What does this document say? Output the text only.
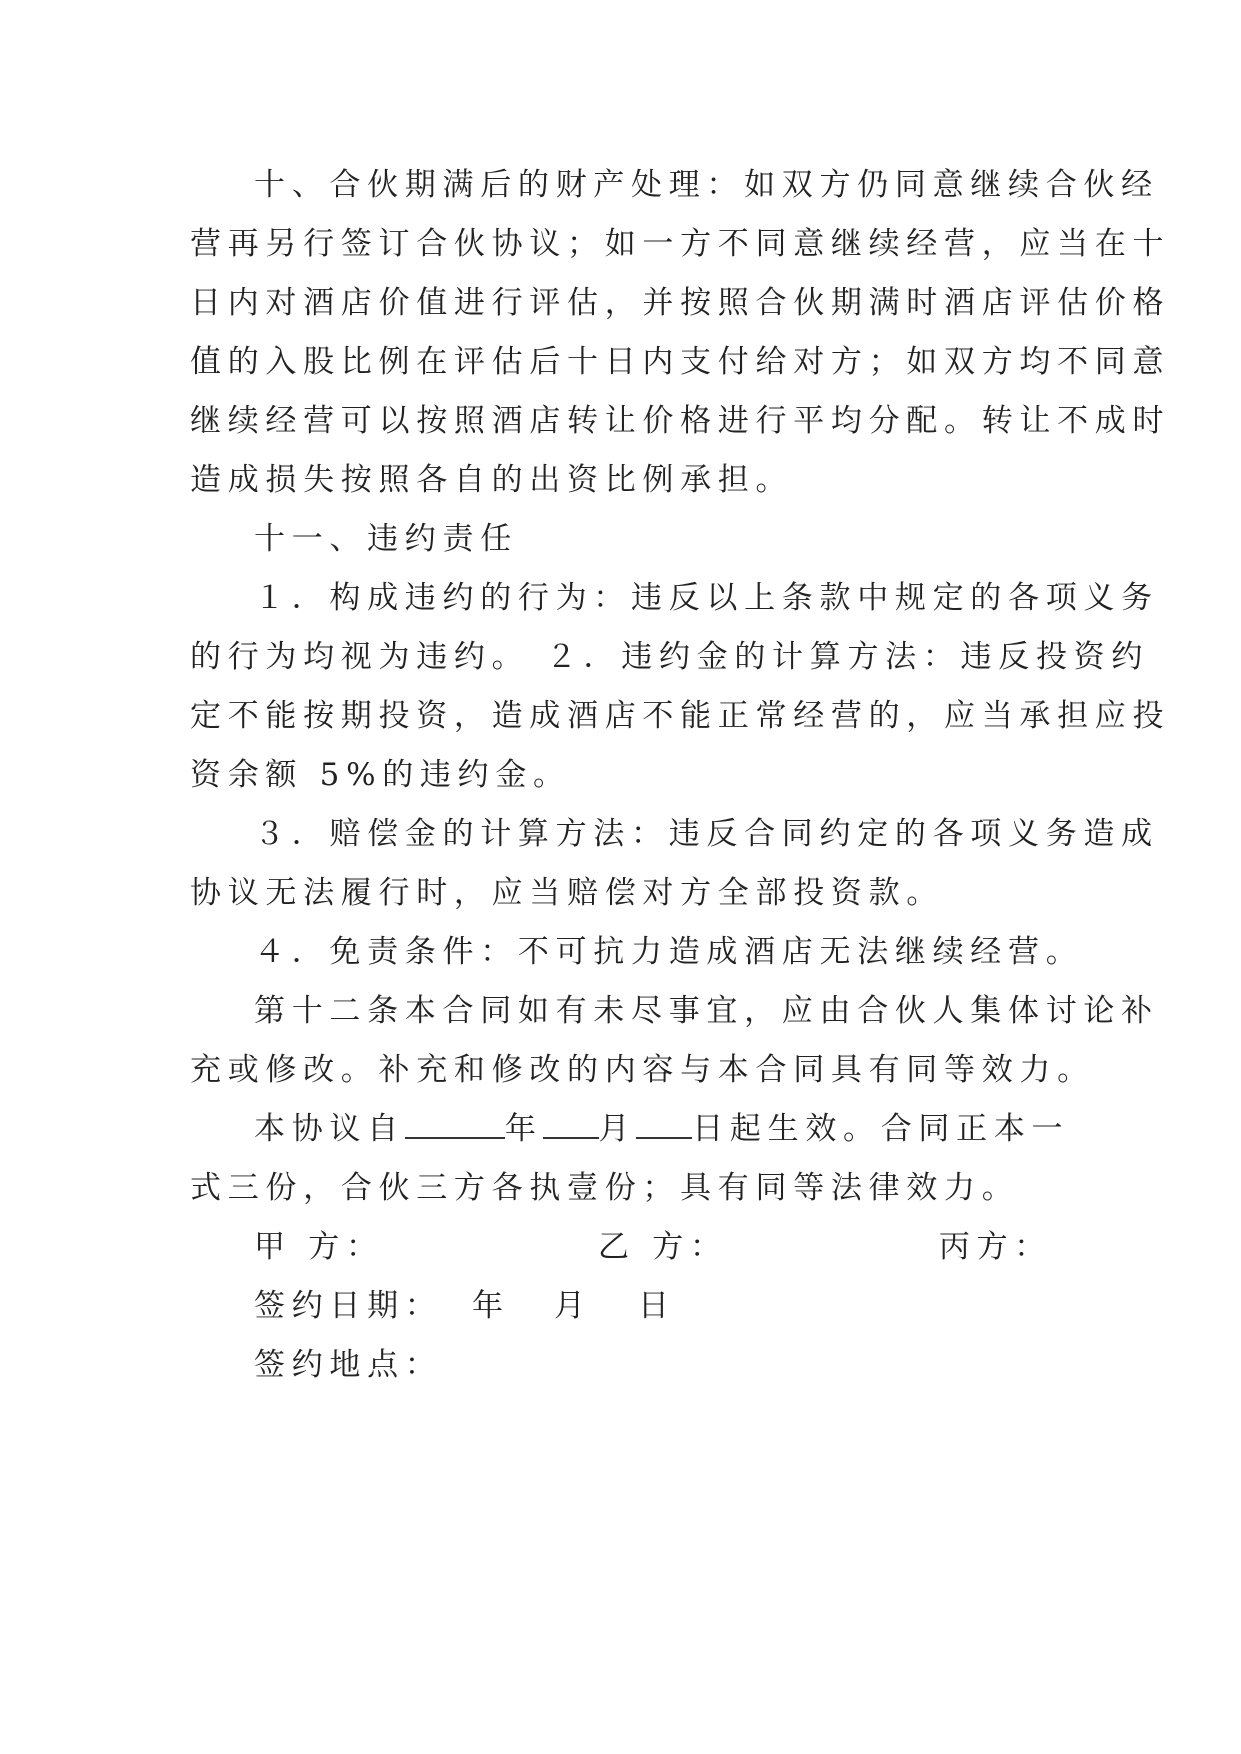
十、合伙期满后的财产处理：如双方仍同意继续合伙经

营再另行签订合伙协议；如一方不同意继续经营，应当在十

日内对酒店价值进行评估，并按照合伙期满时酒店评估价格

值的入股比例在评估后十日内支付给对方；如双方均不同意

继续经营可以按照酒店转让价格进行平均分配。转让不成时

造成损失按照各自的出资比例承担。

十一、违约责任

１．构成违约的行为：违反以上条款中规定的各项义务

的行为均视为违约。 ２．违约金的计算方法：违反投资约

定不能按期投资，造成酒店不能正常经营的，应当承担应投

资余额 5%的违约金。

３．赔偿金的计算方法：违反合同约定的各项义务造成

协议无法履行时，应当赔偿对方全部投资款。

４．免责条件：不可抗力造成酒店无法继续经营。

第十二条本合同如有未尽事宜，应由合伙人集体讨论补

充或修改。补充和修改的内容与本合同具有同等效力。

本协议自	年 月 日起生效。合同正本一

式三份，合伙三方各执壹份；具有同等法律效力。

甲 方：	乙 方：	丙方：
签约日期： 年 月 日
签约地点：
